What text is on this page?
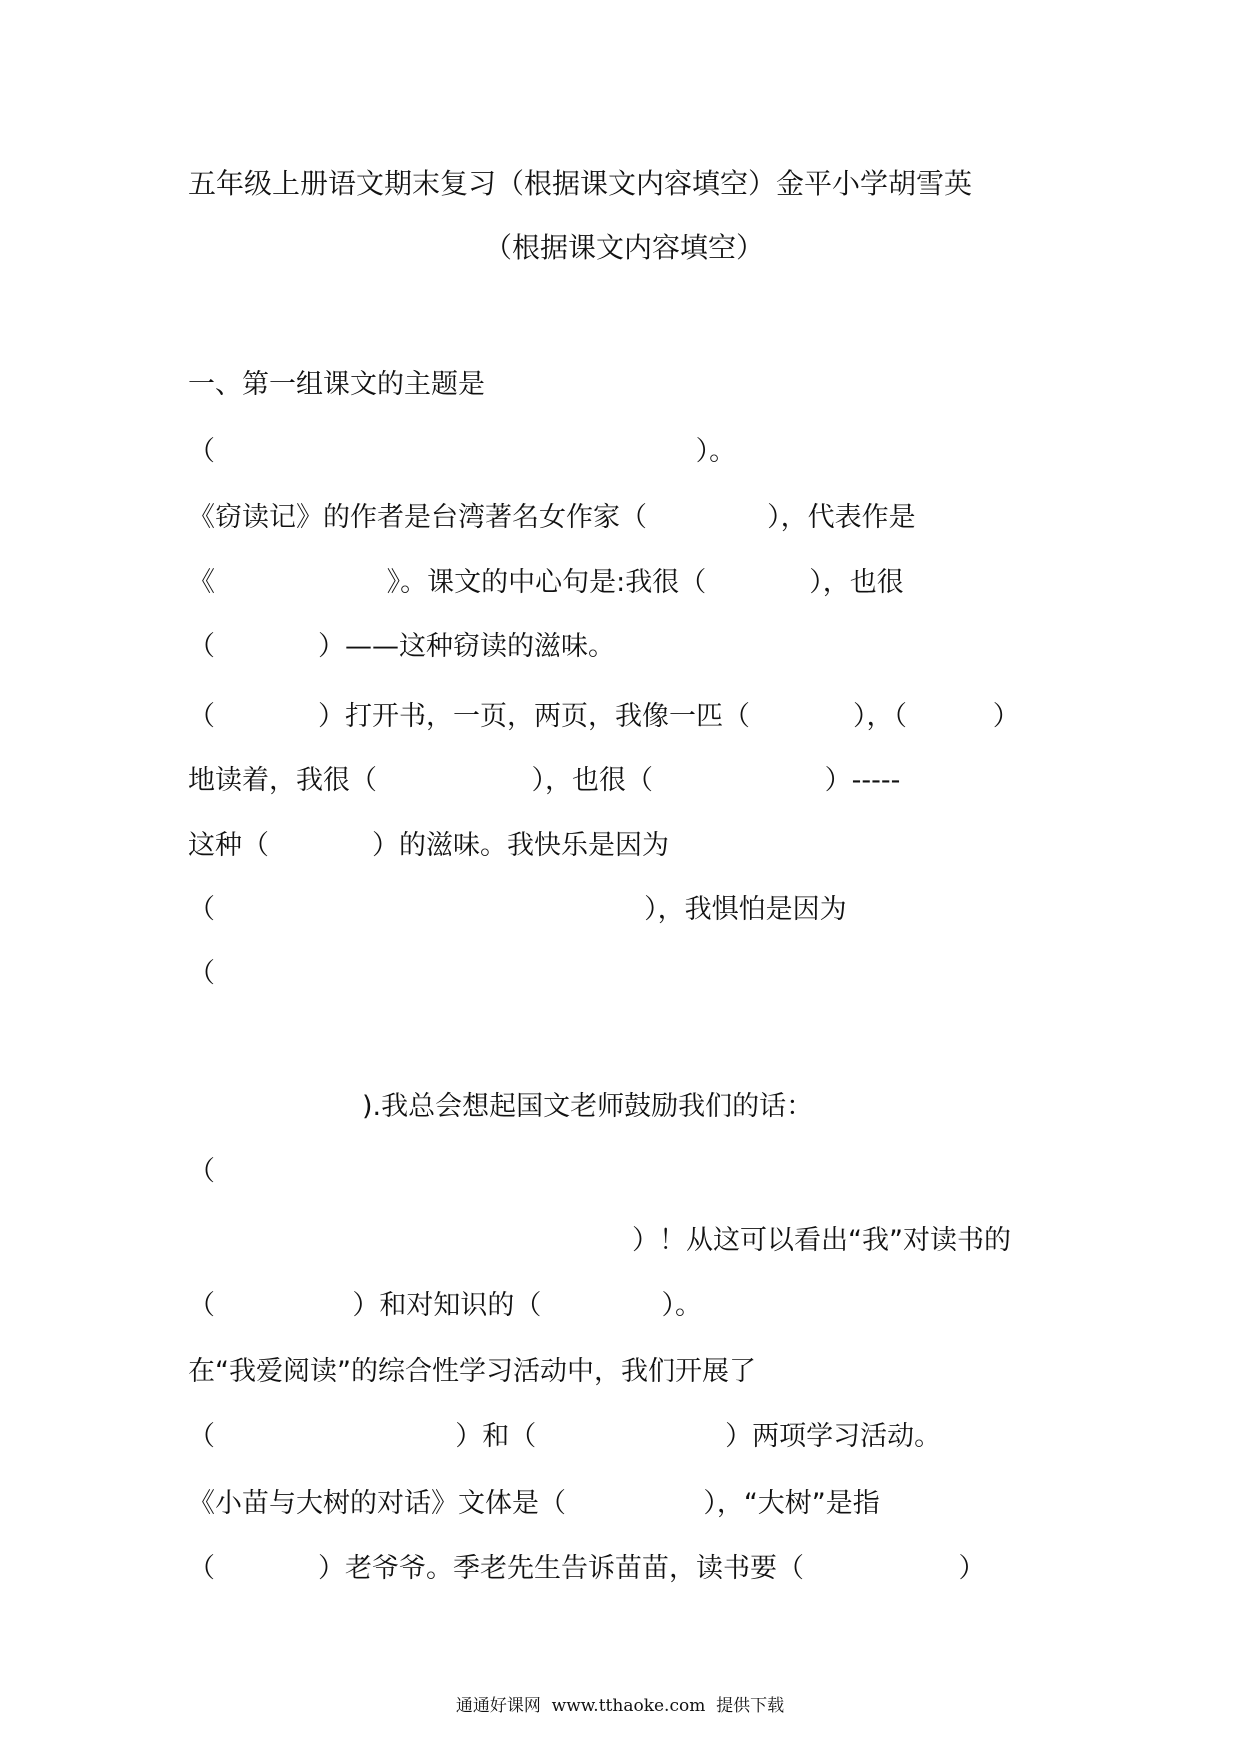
五年级上册语文期末复习（根据课文内容填空）金平小学胡雪英

（根据课文内容填空）

一、第一组课文的主题是

（                                                        ）。

《窃读记》的作者是台湾著名女作家（              ），代表作是

《                    》。课文的中心句是:我很（            ），也很

（            ）——这种窃读的滋味。

（            ）打开书，一页，两页，我像一匹（            ），（          ）

地读着，我很（                  ），也很（                    ）-----

这种（            ）的滋味。我快乐是因为

（                                                  ），我惧怕是因为

（

).我总会想起国文老师鼓励我们的话：

（

）！从这可以看出“我”对读书的

（                ）和对知识的（              ）。

在“我爱阅读”的综合性学习活动中，我们开展了

（                            ）和（                      ）两项学习活动。

《小苗与大树的对话》文体是（                ），“大树”是指

（            ）老爷爷。季老先生告诉苗苗，读书要（                  ）

通通好课网  www.tthaoke.com  提供下载
